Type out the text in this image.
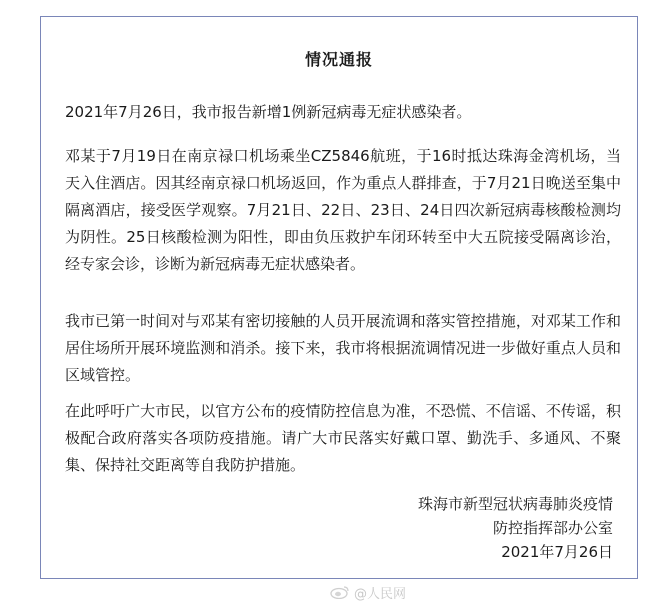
情况通报

2021年7月26日，我市报告新增1例新冠病毒无症状感染者。

邓某于7月19日在南京禄口机场乘坐CZ5846航班，于16时抵达珠海金湾机场，当天入住酒店。因其经南京禄口机场返回，作为重点人群排查，于7月21日晚送至集中隔离酒店，接受医学观察。7月21日、22日、23日、24日四次新冠病毒核酸检测均为阴性。25日核酸检测为阳性，即由负压救护车闭环转至中大五院接受隔离诊治，经专家会诊，诊断为新冠病毒无症状感染者。

我市已第一时间对与邓某有密切接触的人员开展流调和落实管控措施，对邓某工作和居住场所开展环境监测和消杀。接下来，我市将根据流调情况进一步做好重点人员和区域管控。

在此呼吁广大市民，以官方公布的疫情防控信息为准，不恐慌、不信谣、不传谣，积极配合政府落实各项防疫措施。请广大市民落实好戴口罩、勤洗手、多通风、不聚集、保持社交距离等自我防护措施。

珠海市新型冠状病毒肺炎疫情
防控指挥部办公室
2021年7月26日
@人民网
